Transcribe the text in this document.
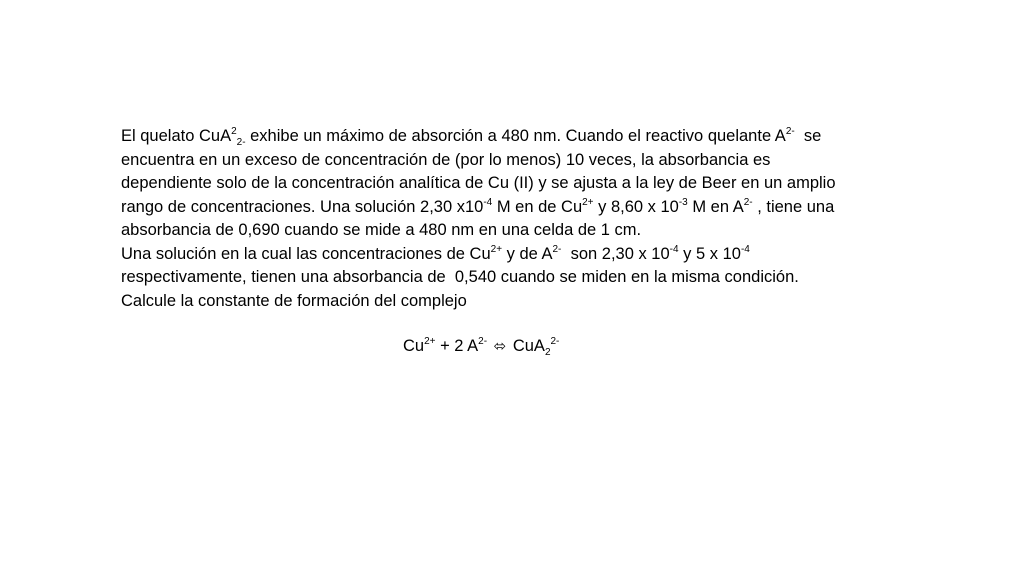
El quelato CuA$^2_{2-}$ exhibe un máximo de absorción a 480 nm. Cuando el reactivo quelante $A^{2-}$  se
encuentra en un exceso de concentración de (por lo menos) 10 veces, la absorbancia es
dependiente solo de la concentración analítica de Cu (II) y se ajusta a la ley de Beer en un amplio
rango de concentraciones. Una solución 2,30 $x10^{-4}$ M en de $Cu^{2+}$ y 8,60 x $10^{-3}$ M en $A^{2-}$ , tiene una
absorbancia de 0,690 cuando se mide a 480 nm en una celda de 1 cm.
Una solución en la cual las concentraciones de $Cu^{2+}$ y de $A^{2-}$  son 2,30 x $10^{-4}$ y 5 x $10^{-4}$
respectivamente, tienen una absorbancia de  0,540 cuando se miden en la misma condición.
Calcule la constante de formación del complejo
$Cu^{2+} + 2$ $A^{2-}$ ⬄ CuA$_2^{2-}$
